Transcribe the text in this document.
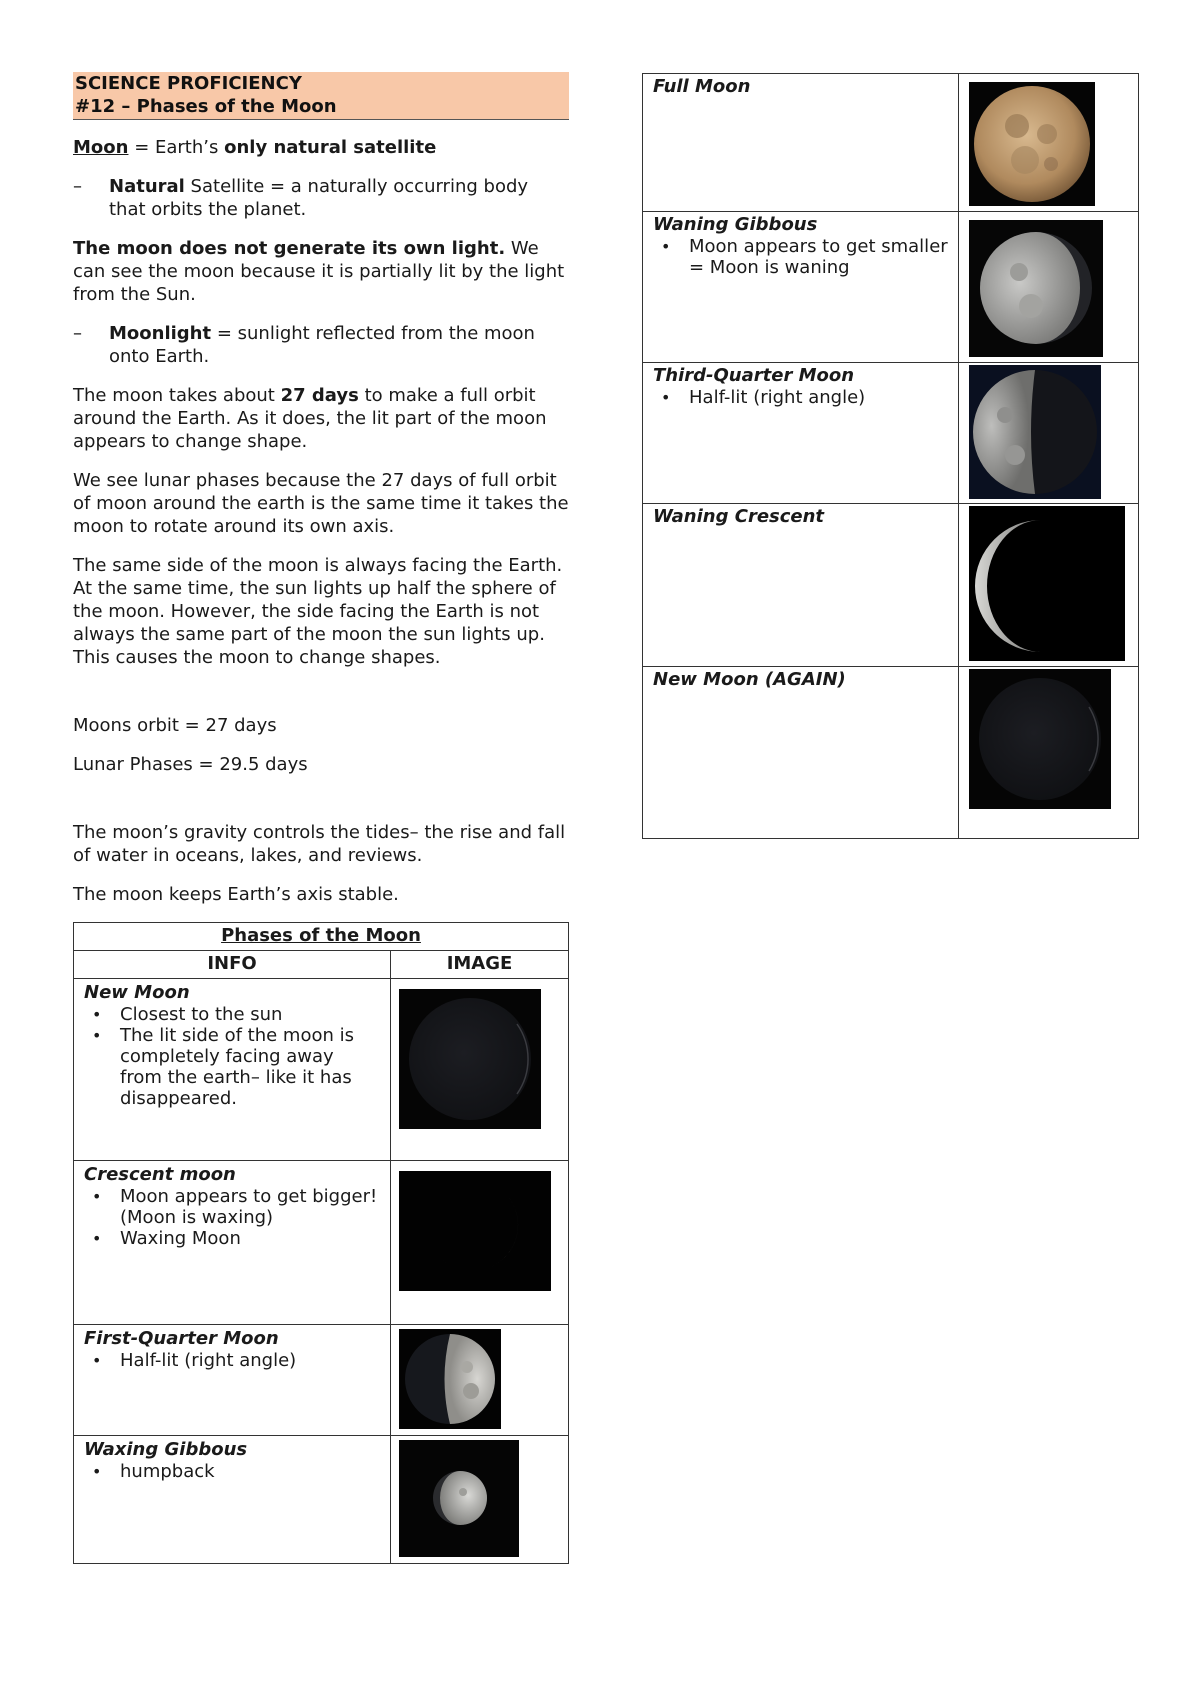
SCIENCE PROFICIENCY
#12 – Phases of the Moon
Moon = Earth’s only natural satellite
– Natural Satellite = a naturally occurring body that orbits the planet.
The moon does not generate its own light. We can see the moon because it is partially lit by the light from the Sun.
– Moonlight = sunlight reflected from the moon onto Earth.
The moon takes about 27 days to make a full orbit around the Earth. As it does, the lit part of the moon appears to change shape.
We see lunar phases because the 27 days of full orbit of moon around the earth is the same time it takes the moon to rotate around its own axis.
The same side of the moon is always facing the Earth. At the same time, the sun lights up half the sphere of the moon. However, the side facing the Earth is not always the same part of the moon the sun lights up. This causes the moon to change shapes.
Moons orbit = 27 days
Lunar Phases = 29.5 days
The moon’s gravity controls the tides– the rise and fall of water in oceans, lakes, and reviews.
The moon keeps Earth’s axis stable.
Phases of the Moon	
INFO	IMAGE

New Moon
• Closest to the sun
• The lit side of the moon is completely facing away from the earth– like it has disappeared.

Crescent moon
• Moon appears to get bigger! (Moon is waxing)
• Waxing Moon

First-Quarter Moon
• Half-lit (right angle)

Waxing Gibbous
• humpback

Full Moon

Waning Gibbous
• Moon appears to get smaller = Moon is waning

Third-Quarter Moon
• Half-lit (right angle)

Waning Crescent

New Moon (AGAIN)
